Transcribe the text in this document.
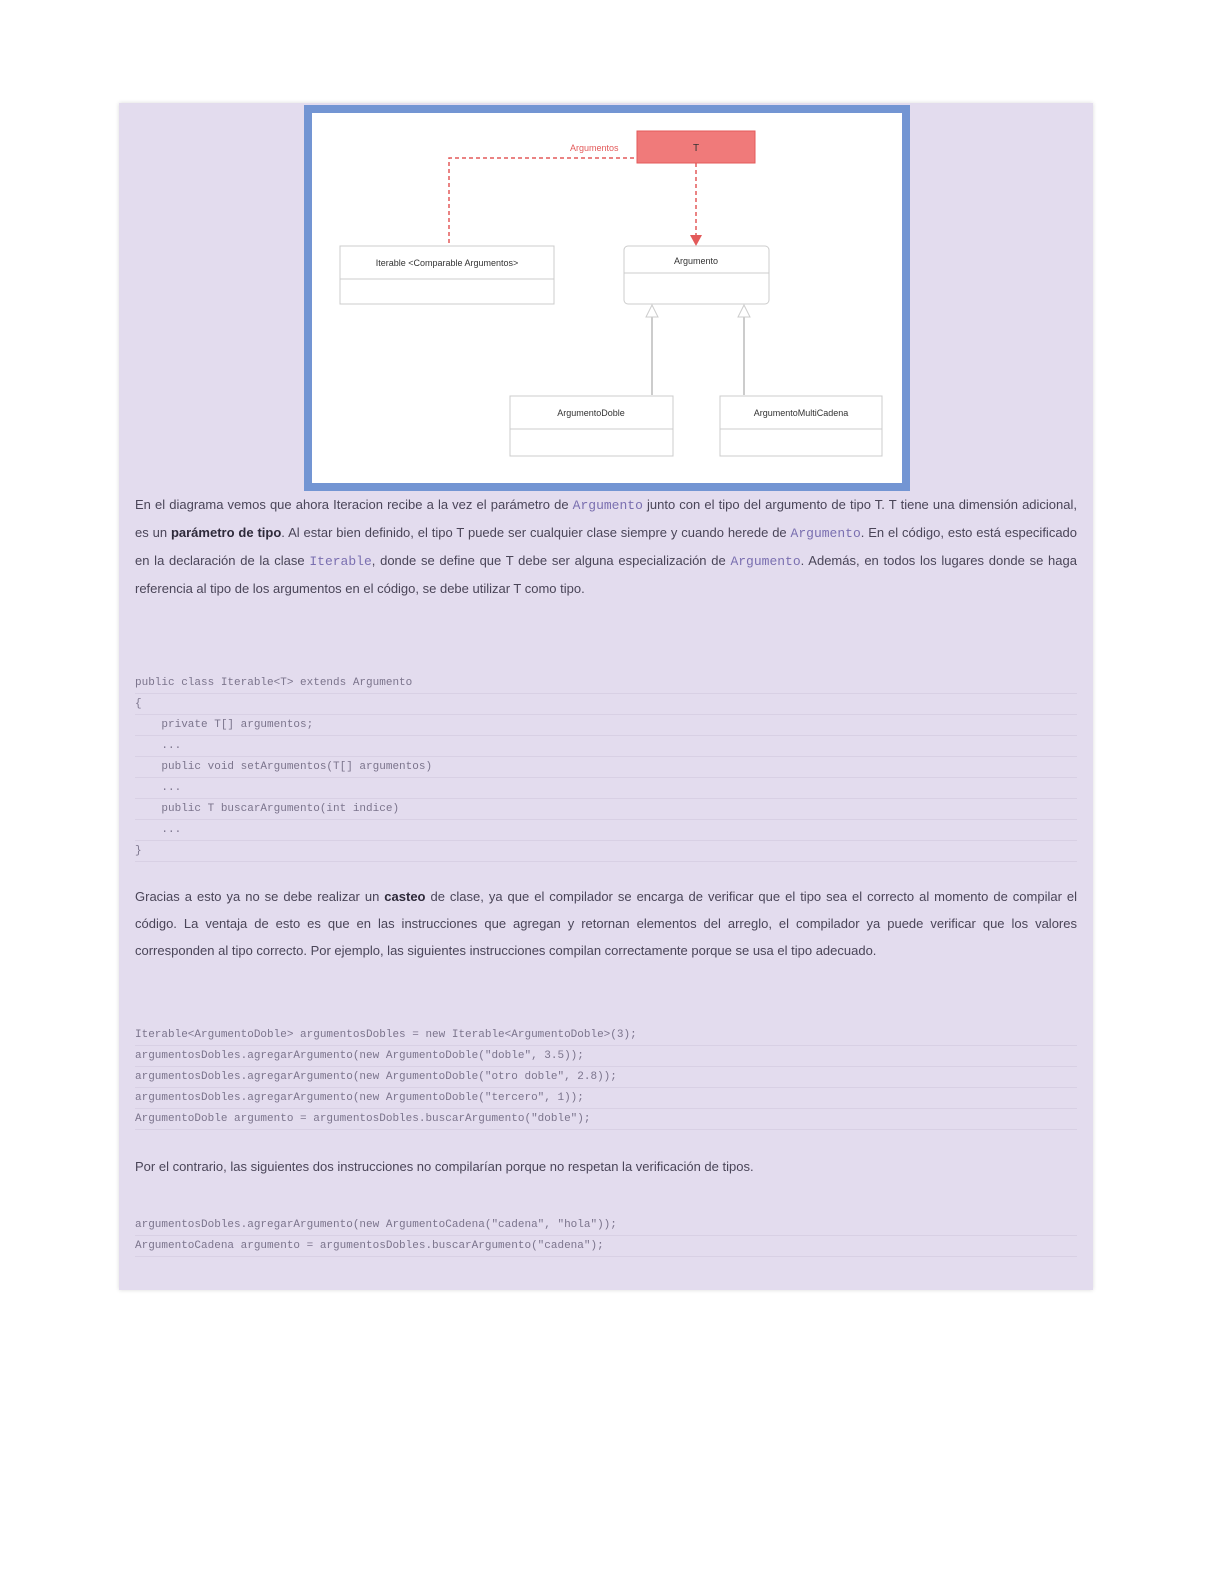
Argumentos	T
Iterable <Comparable Argumentos>	Argumento
ArgumentoDoble	ArgumentoMultiCadena

En el diagrama vemos que ahora Iteracion recibe a la vez el parámetro de Argumento junto con el tipo del argumento de tipo T. T tiene una dimensión adicional, es un parámetro de tipo. Al estar bien definido, el tipo T puede ser cualquier clase siempre y cuando herede de Argumento. En el código, esto está especificado en la declaración de la clase Iterable, donde se define que T debe ser alguna especialización de Argumento. Además, en todos los lugares donde se haga referencia al tipo de los argumentos en el código, se debe utilizar T como tipo.

public class Iterable<T> extends Argumento
{
private T[] argumentos;
...
public void setArgumentos(T[] argumentos)
...
public T buscarArgumento(int indice)
...
}

Gracias a esto ya no se debe realizar un casteo de clase, ya que el compilador se encarga de verificar que el tipo sea el correcto al momento de compilar el código. La ventaja de esto es que en las instrucciones que agregan y retornan elementos del arreglo, el compilador ya puede verificar que los valores corresponden al tipo correcto. Por ejemplo, las siguientes instrucciones compilan correctamente porque se usa el tipo adecuado.

Iterable<ArgumentoDoble> argumentosDobles = new Iterable<ArgumentoDoble>(3);
argumentosDobles.agregarArgumento(new ArgumentoDoble("doble", 3.5));
argumentosDobles.agregarArgumento(new ArgumentoDoble("otro doble", 2.8));
argumentosDobles.agregarArgumento(new ArgumentoDoble("tercero", 1));
ArgumentoDoble argumento = argumentosDobles.buscarArgumento("doble");

Por el contrario, las siguientes dos instrucciones no compilarían porque no respetan la verificación de tipos.

argumentosDobles.agregarArgumento(new ArgumentoCadena("cadena", "hola"));
ArgumentoCadena argumento = argumentosDobles.buscarArgumento("cadena");
